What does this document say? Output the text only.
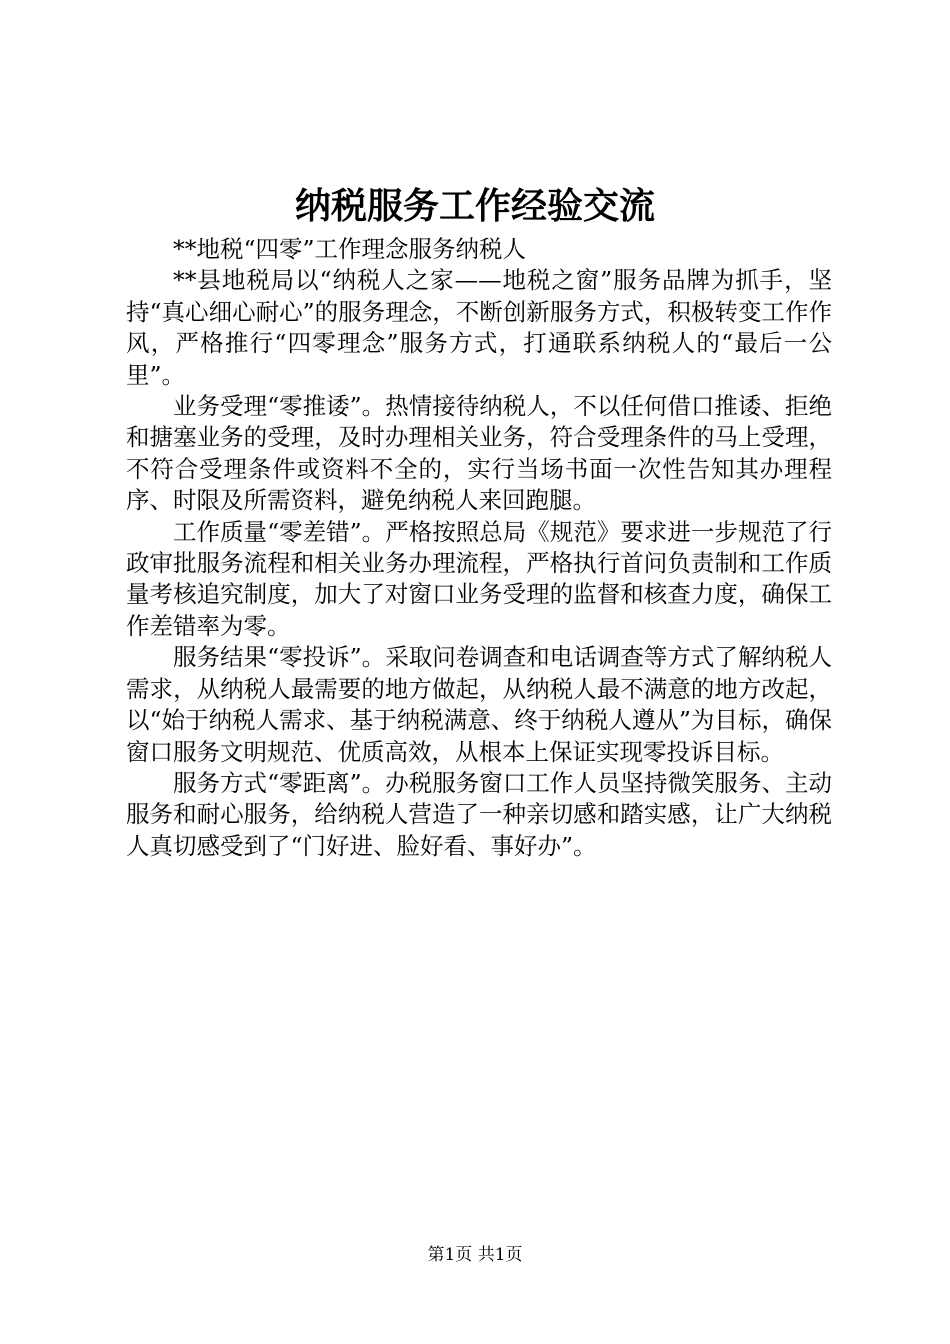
纳税服务工作经验交流

**地税“四零”工作理念服务纳税人

**县地税局以“纳税人之家——地税之窗”服务品牌为抓手，坚持“真心细心耐心”的服务理念，不断创新服务方式，积极转变工作作风，严格推行“四零理念”服务方式，打通联系纳税人的“最后一公里”。

业务受理“零推诿”。热情接待纳税人，不以任何借口推诿、拒绝和搪塞业务的受理，及时办理相关业务，符合受理条件的马上受理，不符合受理条件或资料不全的，实行当场书面一次性告知其办理程序、时限及所需资料，避免纳税人来回跑腿。

工作质量“零差错”。严格按照总局《规范》要求进一步规范了行政审批服务流程和相关业务办理流程，严格执行首问负责制和工作质量考核追究制度，加大了对窗口业务受理的监督和核查力度，确保工作差错率为零。

服务结果“零投诉”。采取问卷调查和电话调查等方式了解纳税人需求，从纳税人最需要的地方做起，从纳税人最不满意的地方改起，以“始于纳税人需求、基于纳税满意、终于纳税人遵从”为目标，确保窗口服务文明规范、优质高效，从根本上保证实现零投诉目标。

服务方式“零距离”。办税服务窗口工作人员坚持微笑服务、主动服务和耐心服务，给纳税人营造了一种亲切感和踏实感，让广大纳税人真切感受到了“门好进、脸好看、事好办”。

第1页 共1页
